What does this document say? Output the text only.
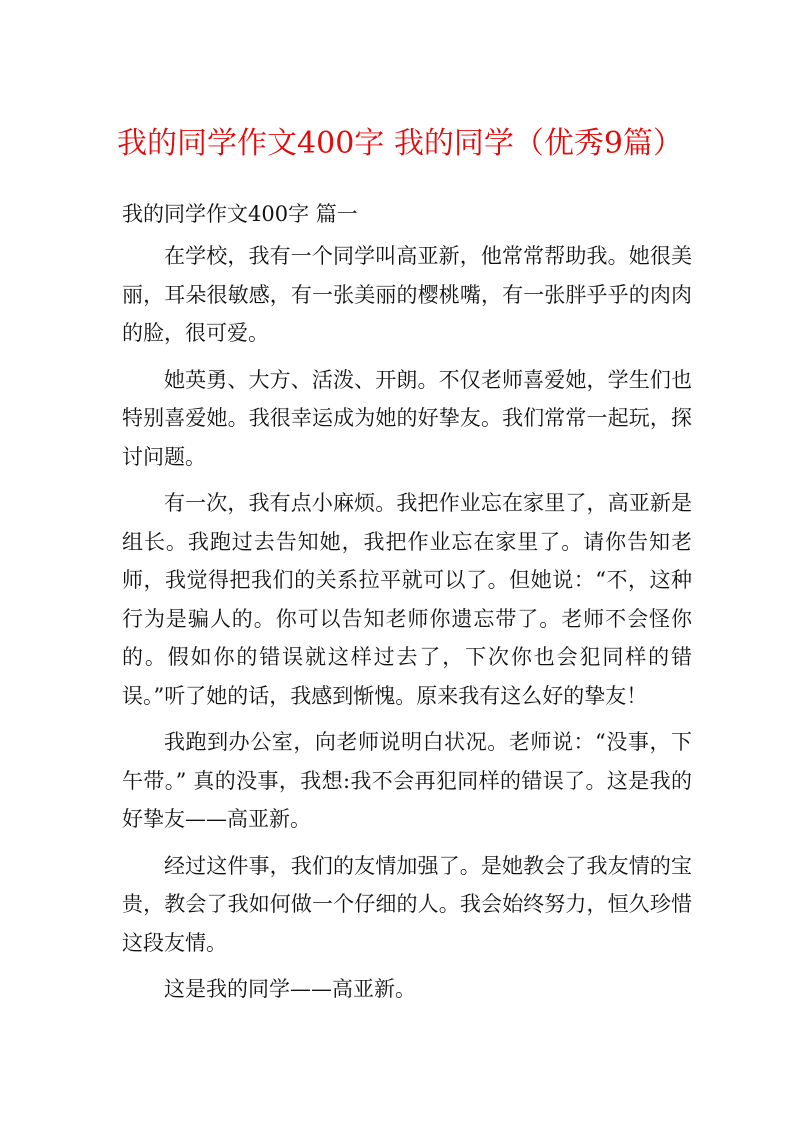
我的同学作文400字 我的同学（优秀9篇）
我的同学作文400字 篇一

在学校，我有一个同学叫高亚新，他常常帮助我。她很美丽，耳朵很敏感，有一张美丽的樱桃嘴，有一张胖乎乎的肉肉的脸，很可爱。

她英勇、大方、活泼、开朗。不仅老师喜爱她，学生们也特别喜爱她。我很幸运成为她的好挚友。我们常常一起玩，探讨问题。

有一次，我有点小麻烦。我把作业忘在家里了，高亚新是组长。我跑过去告知她，我把作业忘在家里了。请你告知老师，我觉得把我们的关系拉平就可以了。但她说：“不，这种行为是骗人的。你可以告知老师你遗忘带了。老师不会怪你的。假如你的错误就这样过去了，下次你也会犯同样的错误。”听了她的话，我感到惭愧。原来我有这么好的挚友！

我跑到办公室，向老师说明白状况。老师说：“没事，下午带。” 真的没事，我想:我不会再犯同样的错误了。这是我的好挚友——高亚新。

经过这件事，我们的友情加强了。是她教会了我友情的宝贵，教会了我如何做一个仔细的人。我会始终努力，恒久珍惜这段友情。

这是我的同学——高亚新。
